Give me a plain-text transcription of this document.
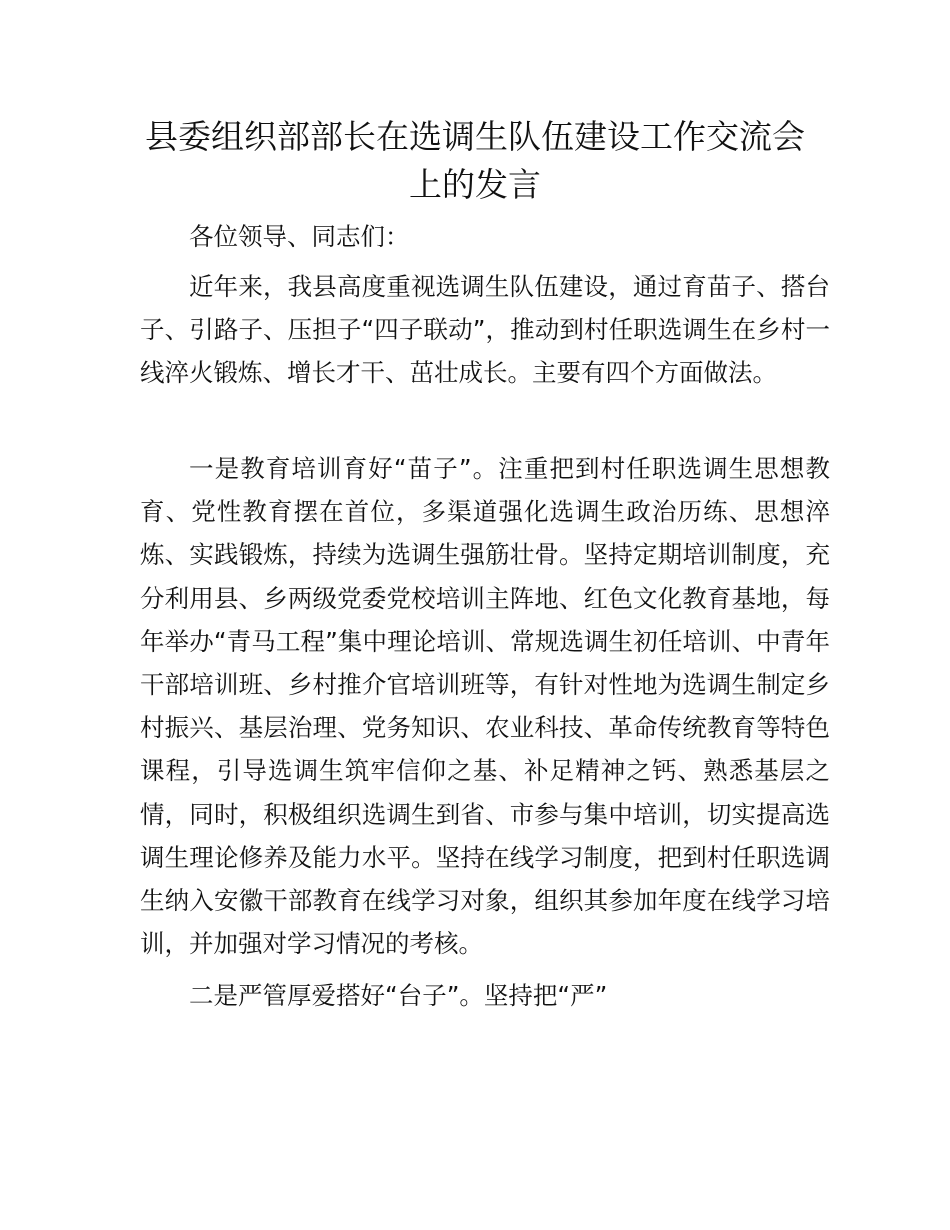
县委组织部部长在选调生队伍建设工作交流会
上的发言

各位领导、同志们：

近年来，我县高度重视选调生队伍建设，通过育苗子、搭台子、引路子、压担子“四子联动”，推动到村任职选调生在乡村一线淬火锻炼、增长才干、茁壮成长。主要有四个方面做法。

一是教育培训育好“苗子”。注重把到村任职选调生思想教育、党性教育摆在首位，多渠道强化选调生政治历练、思想淬炼、实践锻炼，持续为选调生强筋壮骨。坚持定期培训制度，充分利用县、乡两级党委党校培训主阵地、红色文化教育基地，每年举办“青马工程”集中理论培训、常规选调生初任培训、中青年干部培训班、乡村推介官培训班等，有针对性地为选调生制定乡村振兴、基层治理、党务知识、农业科技、革命传统教育等特色课程，引导选调生筑牢信仰之基、补足精神之钙、熟悉基层之情，同时，积极组织选调生到省、市参与集中培训，切实提高选调生理论修养及能力水平。坚持在线学习制度，把到村任职选调生纳入安徽干部教育在线学习对象，组织其参加年度在线学习培训，并加强对学习情况的考核。

二是严管厚爱搭好“台子”。坚持把“严”
